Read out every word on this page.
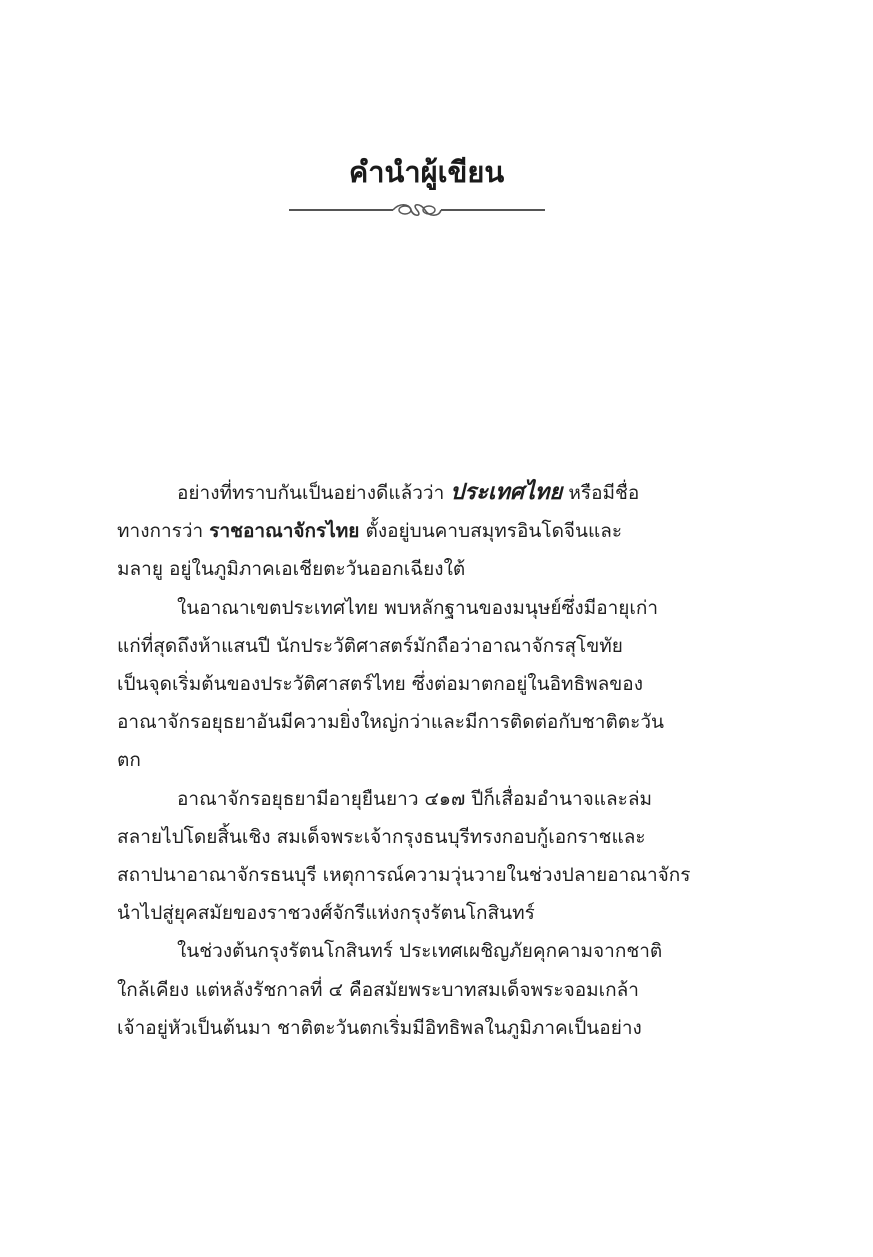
คำนำผู้เขียน
อย่างที่ทราบกันเป็นอย่างดีแล้วว่า ประเทศไทย หรือมีชื่อ
ทางการว่า ราชอาณาจักรไทย ตั้งอยู่บนคาบสมุทรอินโดจีนและ
มลายู อยู่ในภูมิภาคเอเชียตะวันออกเฉียงใต้
ในอาณาเขตประเทศไทย พบหลักฐานของมนุษย์ซึ่งมีอายุเก่า
แก่ที่สุดถึงห้าแสนปี นักประวัติศาสตร์มักถือว่าอาณาจักรสุโขทัย
เป็นจุดเริ่มต้นของประวัติศาสตร์ไทย ซึ่งต่อมาตกอยู่ในอิทธิพลของ
อาณาจักรอยุธยาอันมีความยิ่งใหญ่กว่าและมีการติดต่อกับชาติตะวัน
ตก
อาณาจักรอยุธยามีอายุยืนยาว ๔๑๗ ปีก็เสื่อมอำนาจและล่ม
สลายไปโดยสิ้นเชิง สมเด็จพระเจ้ากรุงธนบุรีทรงกอบกู้เอกราชและ
สถาปนาอาณาจักรธนบุรี เหตุการณ์ความวุ่นวายในช่วงปลายอาณาจักร
นำไปสู่ยุคสมัยของราชวงศ์จักรีแห่งกรุงรัตนโกสินทร์
ในช่วงต้นกรุงรัตนโกสินทร์ ประเทศเผชิญภัยคุกคามจากชาติ
ใกล้เคียง แต่หลังรัชกาลที่ ๔ คือสมัยพระบาทสมเด็จพระจอมเกล้า
เจ้าอยู่หัวเป็นต้นมา ชาติตะวันตกเริ่มมีอิทธิพลในภูมิภาคเป็นอย่าง
